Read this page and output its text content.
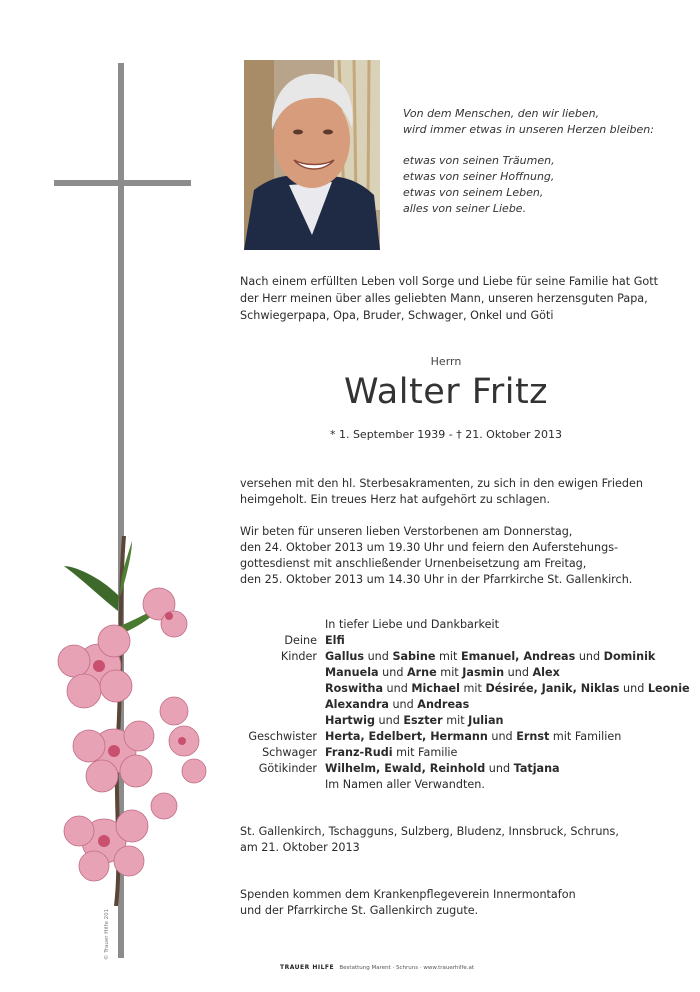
© Trauer Hilfe 201

Von dem Menschen, den wir lieben,
wird immer etwas in unseren Herzen bleiben:

etwas von seinen Träumen,
etwas von seiner Hoffnung,
etwas von seinem Leben,
alles von seiner Liebe.

Nach einem erfüllten Leben voll Sorge und Liebe für seine Familie hat Gott
der Herr meinen über alles geliebten Mann, unseren herzensguten Papa,
Schwiegerpapa, Opa, Bruder, Schwager, Onkel und Göti
Herrn
Walter Fritz
* 1. September 1939 - † 21. Oktober 2013
versehen mit den hl. Sterbesakramenten, zu sich in den ewigen Frieden
heimgeholt. Ein treues Herz hat aufgehört zu schlagen.
Wir beten für unseren lieben Verstorbenen am Donnerstag,
den 24. Oktober 2013 um 19.30 Uhr und feiern den Auferstehungs-
gottesdienst mit anschließender Urnenbeisetzung am Freitag,
den 25. Oktober 2013 um 14.30 Uhr in der Pfarrkirche St. Gallenkirch.
In tiefer Liebe und Dankbarkeit
Deine Elfi
Kinder Gallus und Sabine mit Emanuel, Andreas und Dominik
Manuela und Arne mit Jasmin und Alex
Roswitha und Michael mit Désirée, Janik, Niklas und Leonie
Alexandra und Andreas
Hartwig und Eszter mit Julian
Geschwister Herta, Edelbert, Hermann und Ernst mit Familien
Schwager Franz-Rudi mit Familie
Götikinder Wilhelm, Ewald, Reinhold und Tatjana
Im Namen aller Verwandten.
St. Gallenkirch, Tschagguns, Sulzberg, Bludenz, Innsbruck, Schruns,
am 21. Oktober 2013
Spenden kommen dem Krankenpflegeverein Innermontafon
und der Pfarrkirche St. Gallenkirch zugute.
TRAUER HILFE Bestattung Marent · Schruns · www.trauerhilfe.at
